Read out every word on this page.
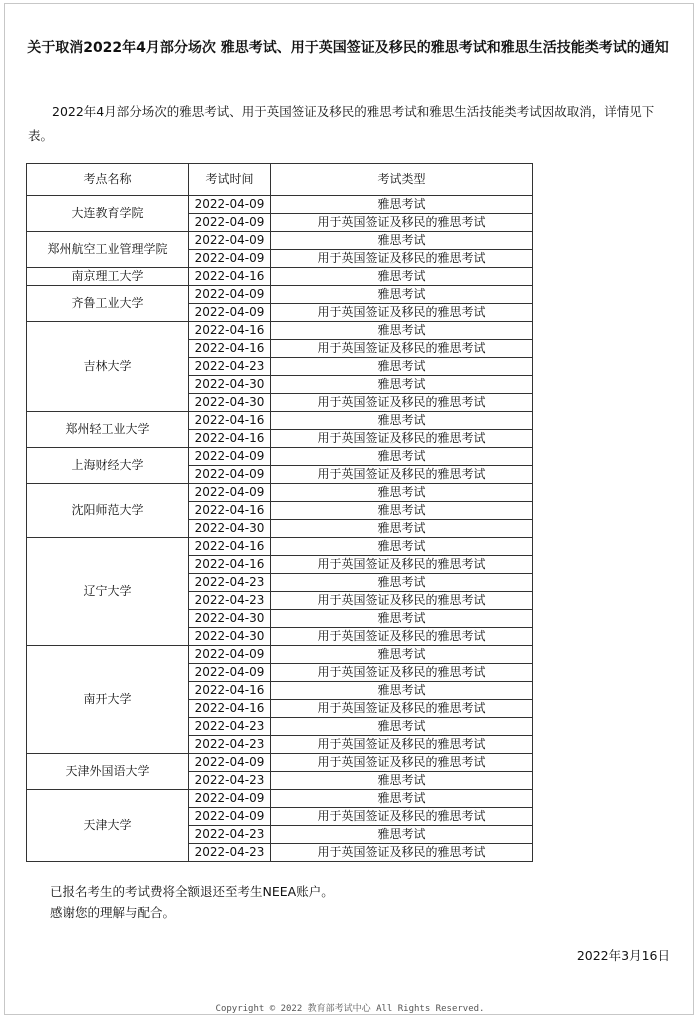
关于取消2022年4月部分场次 雅思考试、用于英国签证及移民的雅思考试和雅思生活技能类考试的通知

2022年4月部分场次的雅思考试、用于英国签证及移民的雅思考试和雅思生活技能类考试因故取消，详情见下表。

考点名称	考试时间	考试类型
大连教育学院	2022-04-09	雅思考试
	2022-04-09	用于英国签证及移民的雅思考试
郑州航空工业管理学院	2022-04-09	雅思考试
	2022-04-09	用于英国签证及移民的雅思考试
南京理工大学	2022-04-16	雅思考试
齐鲁工业大学	2022-04-09	雅思考试
	2022-04-09	用于英国签证及移民的雅思考试
吉林大学	2022-04-16	雅思考试
	2022-04-16	用于英国签证及移民的雅思考试
	2022-04-23	雅思考试
	2022-04-30	雅思考试
	2022-04-30	用于英国签证及移民的雅思考试
郑州轻工业大学	2022-04-16	雅思考试
	2022-04-16	用于英国签证及移民的雅思考试
上海财经大学	2022-04-09	雅思考试
	2022-04-09	用于英国签证及移民的雅思考试
沈阳师范大学	2022-04-09	雅思考试
	2022-04-16	雅思考试
	2022-04-30	雅思考试
辽宁大学	2022-04-16	雅思考试
	2022-04-16	用于英国签证及移民的雅思考试
	2022-04-23	雅思考试
	2022-04-23	用于英国签证及移民的雅思考试
	2022-04-30	雅思考试
	2022-04-30	用于英国签证及移民的雅思考试
南开大学	2022-04-09	雅思考试
	2022-04-09	用于英国签证及移民的雅思考试
	2022-04-16	雅思考试
	2022-04-16	用于英国签证及移民的雅思考试
	2022-04-23	雅思考试
	2022-04-23	用于英国签证及移民的雅思考试
天津外国语大学	2022-04-09	用于英国签证及移民的雅思考试
	2022-04-23	雅思考试
天津大学	2022-04-09	雅思考试
	2022-04-09	用于英国签证及移民的雅思考试
	2022-04-23	雅思考试
	2022-04-23	用于英国签证及移民的雅思考试
已报名考生的考试费将全额退还至考生NEEA账户。
感谢您的理解与配合。
2022年3月16日
Copyright © 2022 教育部考试中心 All Rights Reserved.
